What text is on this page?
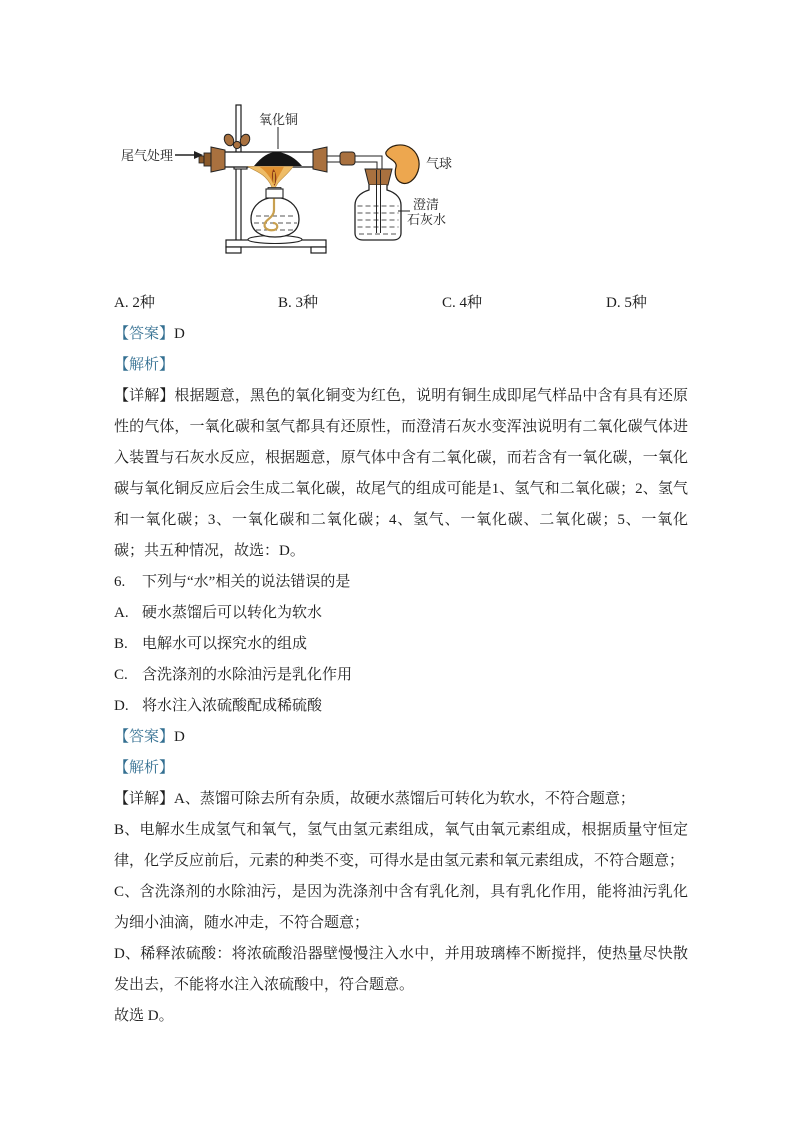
尾气处理
氧化铜
气球
澄清
石灰水
A. 2种	B. 3种	C. 4种	D. 5种

【答案】D

【解析】

【详解】根据题意，黑色的氧化铜变为红色，说明有铜生成即尾气样品中含有具有还原性的气体，一氧化碳和氢气都具有还原性，而澄清石灰水变浑浊说明有二氧化碳气体进入装置与石灰水反应，根据题意，原气体中含有二氧化碳，而若含有一氧化碳，一氧化碳与氧化铜反应后会生成二氧化碳，故尾气的组成可能是1、氢气和二氧化碳；2、氢气和一氧化碳；3、一氧化碳和二氧化碳；4、氢气、一氧化碳、二氧化碳；5、一氧化碳；共五种情况，故选：D。

6. 下列与“水”相关的说法错误的是

A. 硬水蒸馏后可以转化为软水

B. 电解水可以探究水的组成

C. 含洗涤剂的水除油污是乳化作用

D. 将水注入浓硫酸配成稀硫酸

【答案】D

【解析】

【详解】A、蒸馏可除去所有杂质，故硬水蒸馏后可转化为软水，不符合题意；

B、电解水生成氢气和氧气，氢气由氢元素组成，氧气由氧元素组成，根据质量守恒定律，化学反应前后，元素的种类不变，可得水是由氢元素和氧元素组成，不符合题意；

C、含洗涤剂的水除油污，是因为洗涤剂中含有乳化剂，具有乳化作用，能将油污乳化为细小油滴，随水冲走，不符合题意；

D、稀释浓硫酸：将浓硫酸沿器壁慢慢注入水中，并用玻璃棒不断搅拌，使热量尽快散发出去，不能将水注入浓硫酸中，符合题意。

故选 D。
